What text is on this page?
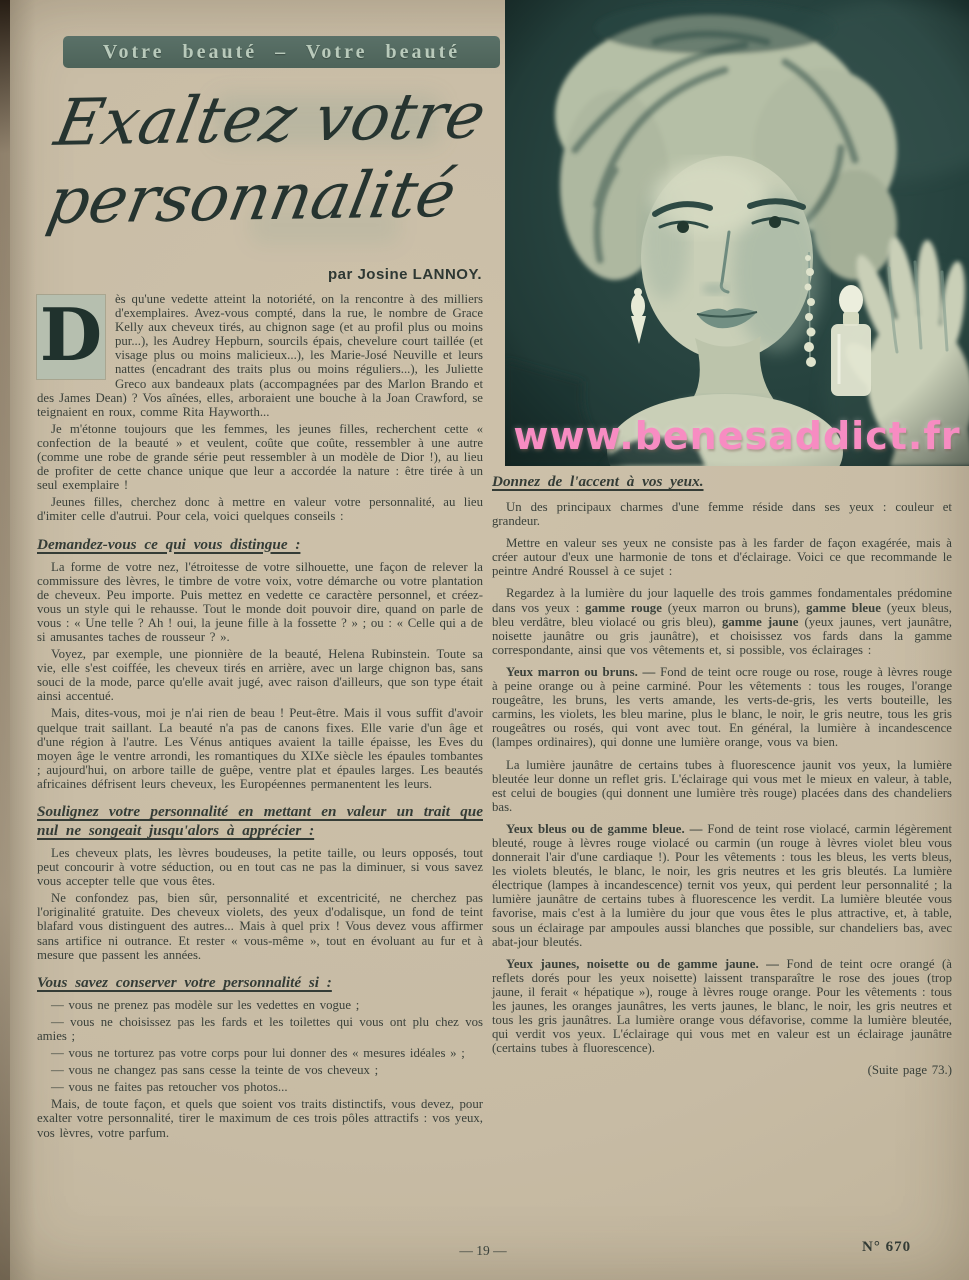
Votre beauté – Votre beauté
Exaltez votre
personnalité
par Josine LANNOY.
www.benesaddict.fr

D ès qu'une vedette atteint la notoriété, on la rencontre à des milliers d'exemplaires. Avez-vous compté, dans la rue, le nombre de Grace Kelly aux cheveux tirés, au chignon sage (et au profil plus ou moins pur...), les Audrey Hepburn, sourcils épais, chevelure court taillée (et visage plus ou moins malicieux...), les Marie-José Neuville et leurs nattes (encadrant des traits plus ou moins réguliers...), les Juliette Greco aux bandeaux plats (accompagnées par des Marlon Brando et des James Dean) ? Vos aînées, elles, arboraient une bouche à la Joan Crawford, se teignaient en roux, comme Rita Hayworth...

Je m'étonne toujours que les femmes, les jeunes filles, recherchent cette « confection de la beauté » et veulent, coûte que coûte, ressembler à une autre (comme une robe de grande série peut ressembler à un modèle de Dior !), au lieu de profiter de cette chance unique que leur a accordée la nature : être tirée à un seul exemplaire !

Jeunes filles, cherchez donc à mettre en valeur votre personnalité, au lieu d'imiter celle d'autrui. Pour cela, voici quelques conseils :

Demandez-vous ce qui vous distingue :

La forme de votre nez, l'étroitesse de votre silhouette, une façon de relever la commissure des lèvres, le timbre de votre voix, votre démarche ou votre plantation de cheveux. Peu importe. Puis mettez en vedette ce caractère personnel, et créez-vous un style qui le rehausse. Tout le monde doit pouvoir dire, quand on parle de vous : « Une telle ? Ah ! oui, la jeune fille à la fossette ? » ; ou : « Celle qui a de si amusantes taches de rousseur ? ».

Voyez, par exemple, une pionnière de la beauté, Helena Rubinstein. Toute sa vie, elle s'est coiffée, les cheveux tirés en arrière, avec un large chignon bas, sans souci de la mode, parce qu'elle avait jugé, avec raison d'ailleurs, que son type était ainsi accentué.

Mais, dites-vous, moi je n'ai rien de beau ! Peut-être. Mais il vous suffit d'avoir quelque trait saillant. La beauté n'a pas de canons fixes. Elle varie d'un âge et d'une région à l'autre. Les Vénus antiques avaient la taille épaisse, les Eves du moyen âge le ventre arrondi, les romantiques du XIXe siècle les épaules tombantes ; aujourd'hui, on arbore taille de guêpe, ventre plat et épaules larges. Les beautés africaines défrisent leurs cheveux, les Européennes permanentent les leurs.

Soulignez votre personnalité en mettant en valeur un trait que nul ne songeait jusqu'alors à apprécier :

Les cheveux plats, les lèvres boudeuses, la petite taille, ou leurs opposés, tout peut concourir à votre séduction, ou en tout cas ne pas la diminuer, si vous savez vous accepter telle que vous êtes.

Ne confondez pas, bien sûr, personnalité et excentricité, ne cherchez pas l'originalité gratuite. Des cheveux violets, des yeux d'odalisque, un fond de teint blafard vous distinguent des autres... Mais à quel prix ! Vous devez vous affirmer sans artifice ni outrance. Et rester « vous-même », tout en évoluant au fur et à mesure que passent les années.

Vous savez conserver votre personnalité si :

— vous ne prenez pas modèle sur les vedettes en vogue ;

— vous ne choisissez pas les fards et les toilettes qui vous ont plu chez vos amies ;

— vous ne torturez pas votre corps pour lui donner des « mesures idéales » ;

— vous ne changez pas sans cesse la teinte de vos cheveux ;

— vous ne faites pas retoucher vos photos...

Mais, de toute façon, et quels que soient vos traits distinctifs, vous devez, pour exalter votre personnalité, tirer le maximum de ces trois pôles attractifs : vos yeux, vos lèvres, votre parfum.

Donnez de l'accent à vos yeux.

Un des principaux charmes d'une femme réside dans ses yeux : couleur et grandeur.

Mettre en valeur ses yeux ne consiste pas à les farder de façon exagérée, mais à créer autour d'eux une harmonie de tons et d'éclairage. Voici ce que recommande le peintre André Roussel à ce sujet :

Regardez à la lumière du jour laquelle des trois gammes fondamentales prédomine dans vos yeux : gamme rouge (yeux marron ou bruns), gamme bleue (yeux bleus, bleu verdâtre, bleu violacé ou gris bleu), gamme jaune (yeux jaunes, vert jaunâtre, noisette jaunâtre ou gris jaunâtre), et choisissez vos fards dans la gamme correspondante, ainsi que vos vêtements et, si possible, vos éclairages :

Yeux marron ou bruns. — Fond de teint ocre rouge ou rose, rouge à lèvres rouge à peine orange ou à peine carminé. Pour les vêtements : tous les rouges, l'orange rougeâtre, les bruns, les verts amande, les verts-de-gris, les verts bouteille, les carmins, les violets, les bleu marine, plus le blanc, le noir, le gris neutre, tous les gris rougeâtres ou rosés, qui vont avec tout. En général, la lumière à incandescence (lampes ordinaires), qui donne une lumière orange, vous va bien.

La lumière jaunâtre de certains tubes à fluorescence jaunit vos yeux, la lumière bleutée leur donne un reflet gris. L'éclairage qui vous met le mieux en valeur, à table, est celui de bougies (qui donnent une lumière très rouge) placées dans des chandeliers bas.

Yeux bleus ou de gamme bleue. — Fond de teint rose violacé, carmin légèrement bleuté, rouge à lèvres rouge violacé ou carmin (un rouge à lèvres violet bleu vous donnerait l'air d'une cardiaque !). Pour les vêtements : tous les bleus, les verts bleus, les violets bleutés, le blanc, le noir, les gris neutres et les gris bleutés. La lumière électrique (lampes à incandescence) ternit vos yeux, qui perdent leur personnalité ; la lumière jaunâtre de certains tubes à fluorescence les verdit. La lumière bleutée vous favorise, mais c'est à la lumière du jour que vous êtes le plus attractive, et, à table, sous un éclairage par ampoules aussi blanches que possible, sur chandeliers bas, avec abat-jour bleutés.

Yeux jaunes, noisette ou de gamme jaune. — Fond de teint ocre orangé (à reflets dorés pour les yeux noisette) laissent transparaître le rose des joues (trop jaune, il ferait « hépatique »), rouge à lèvres rouge orange. Pour les vêtements : tous les jaunes, les oranges jaunâtres, les verts jaunes, le blanc, le noir, les gris neutres et tous les gris jaunâtres. La lumière orange vous défavorise, comme la lumière bleutée, qui verdit vos yeux. L'éclairage qui vous met en valeur est un éclairage jaunâtre (certains tubes à fluorescence).

(Suite page 73.)

— 19 —	N° 670
